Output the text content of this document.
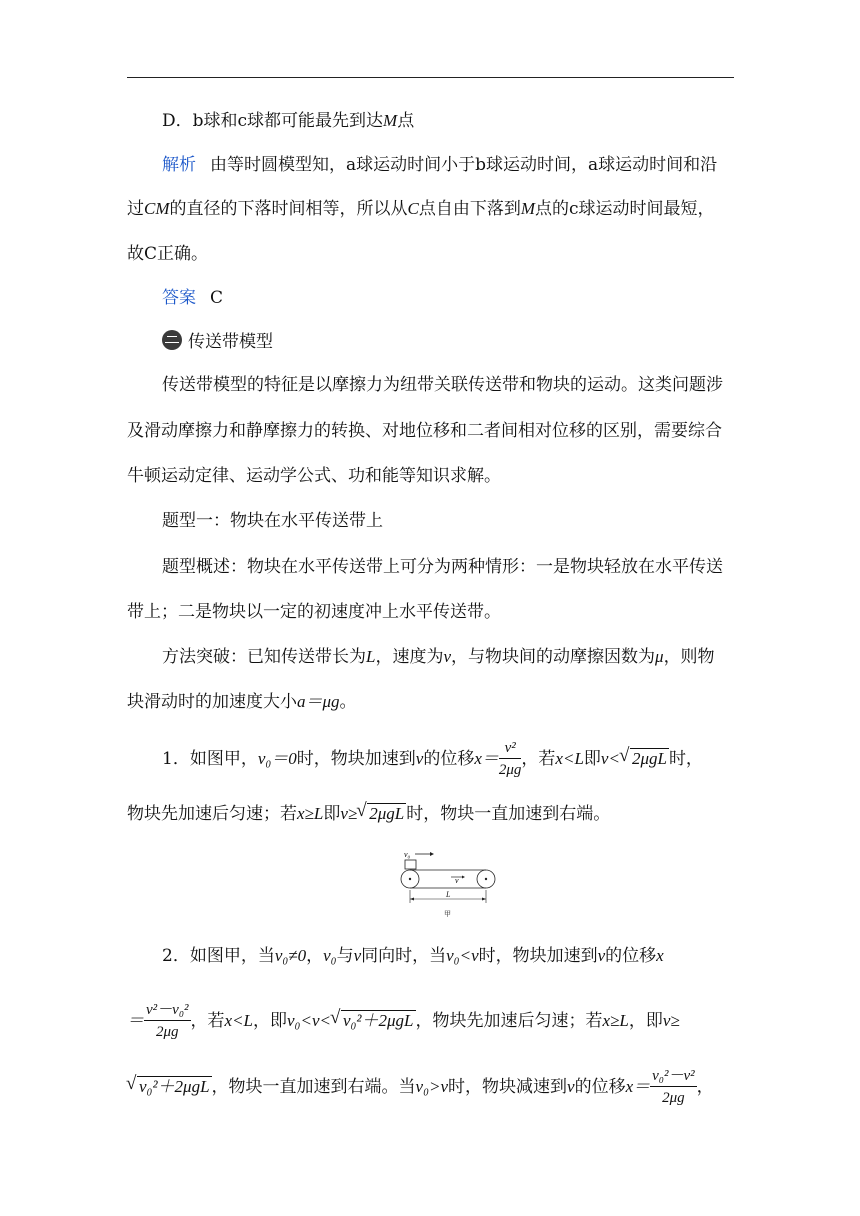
D．b球和c球都可能最先到达M点
解析 由等时圆模型知，a球运动时间小于b球运动时间，a球运动时间和沿
过CM的直径的下落时间相等，所以从C点自由下落到M点的c球运动时间最短，
故C正确。
答案 C
传送带模型
传送带模型的特征是以摩擦力为纽带关联传送带和物块的运动。这类问题涉
及滑动摩擦力和静摩擦力的转换、对地位移和二者间相对位移的区别，需要综合
牛顿运动定律、运动学公式、功和能等知识求解。
题型一：物块在水平传送带上
题型概述：物块在水平传送带上可分为两种情形：一是物块轻放在水平传送
带上；二是物块以一定的初速度冲上水平传送带。
方法突破：已知传送带长为L，速度为v，与物块间的动摩擦因数为μ，则物
块滑动时的加速度大小a＝μg。
1．如图甲，v₀＝0时，物块加速到v的位移$x= \frac{\text{v²}}{2\mu g}$ ，若x<L即v< √ 2μgL 时，
物块先加速后匀速；若x≥L即v≥ √ 2μgL 时，物块一直加速到右端。
v₀
v
L
甲
2．如图甲，当v₀≠0，v₀与v同向时，当v₀<v时，物块加速到v的位移x
＝ $\frac{\text{v²－v₀²}}{2\mu g}$ ，若x<L，即v₀<v< √ v₀²＋2μgL ，物块先加速后匀速；若x≥L，即v≥
√ v₀²＋2μgL ，物块一直加速到右端。当v₀>v时，物块减速到v的位移$x= \frac{\text{v₀²－v²}}{2\mu g}$ ，
